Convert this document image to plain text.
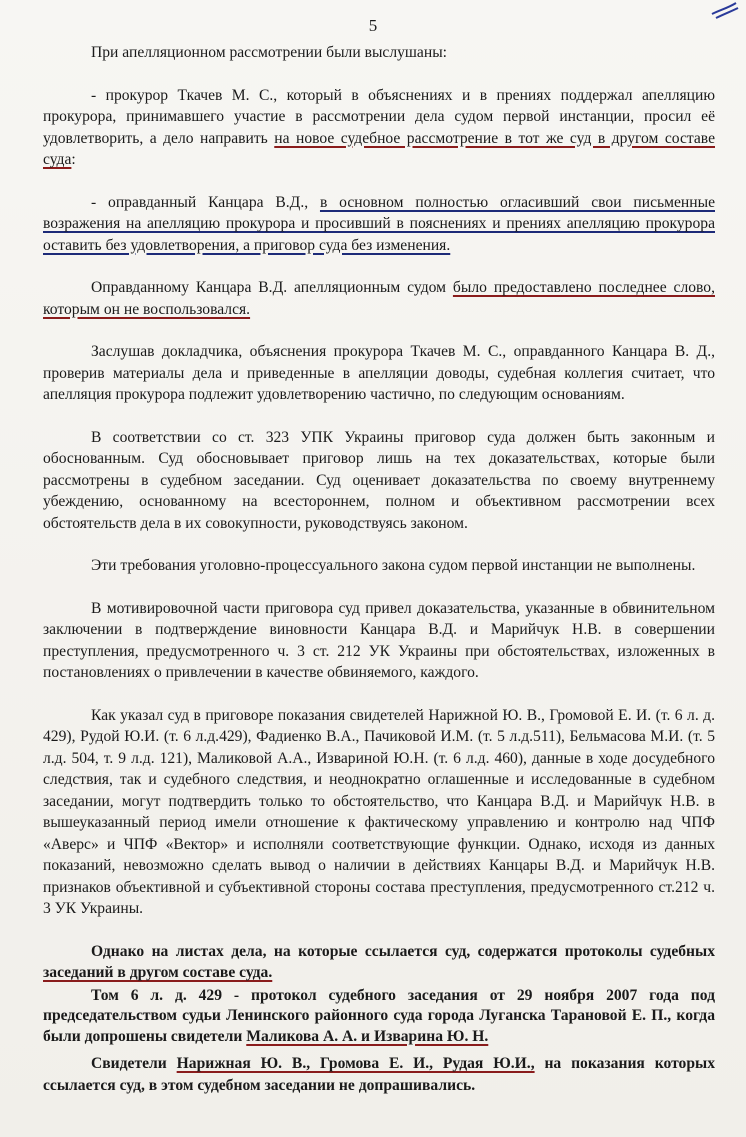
5

При апелляционном рассмотрении были выслушаны:

- прокурор Ткачев М. С., который в объяснениях и в прениях поддержал апелляцию прокурора, принимавшего участие в рассмотрении дела судом первой инстанции, просил её удовлетворить, а дело направить на новое судебное рассмотрение в тот же суд в другом составе суда:

- оправданный Канцара В.Д., в основном полностью огласивший свои письменные возражения на апелляцию прокурора и просивший в пояснениях и прениях апелляцию прокурора оставить без удовлетворения, а приговор суда без изменения.

Оправданному Канцара В.Д. апелляционным судом было предоставлено последнее слово, которым он не воспользовался.

Заслушав докладчика, объяснения прокурора Ткачев М. С., оправданного Канцара В. Д., проверив материалы дела и приведенные в апелляции доводы, судебная коллегия считает, что апелляция прокурора подлежит удовлетворению частично, по следующим основаниям.

В соответствии со ст. 323 УПК Украины приговор суда должен быть законным и обоснованным. Суд обосновывает приговор лишь на тех доказательствах, которые были рассмотрены в судебном заседании. Суд оценивает доказательства по своему внутреннему убеждению, основанному на всестороннем, полном и объективном рассмотрении всех обстоятельств дела в их совокупности, руководствуясь законом.

Эти требования уголовно-процессуального закона судом первой инстанции не выполнены.

В мотивировочной части приговора суд привел доказательства, указанные в обвинительном заключении в подтверждение виновности Канцара В.Д. и Марийчук Н.В. в совершении преступления, предусмотренного ч. 3 ст. 212 УК Украины при обстоятельствах, изложенных в постановлениях о привлечении в качестве обвиняемого, каждого.

Как указал суд в приговоре показания свидетелей Нарижной Ю. В., Громовой Е. И. (т. 6 л. д. 429), Рудой Ю.И. (т. 6 л.д.429), Фадиенко В.А., Пачиковой И.М. (т. 5 л.д.511), Бельмасова М.И. (т. 5 л.д. 504, т. 9 л.д. 121), Маликовой А.А., Извариной Ю.Н. (т. 6 л.д. 460), данные в ходе досудебного следствия, так и судебного следствия, и неоднократно оглашенные и исследованные в судебном заседании, могут подтвердить только то обстоятельство, что Канцара В.Д. и Марийчук Н.В. в вышеуказанный период имели отношение к фактическому управлению и контролю над ЧПФ «Аверс» и ЧПФ «Вектор» и исполняли соответствующие функции. Однако, исходя из данных показаний, невозможно сделать вывод о наличии в действиях Канцары В.Д. и Марийчук Н.В. признаков объективной и субъективной стороны состава преступления, предусмотренного ст.212 ч. 3 УК Украины.

Однако на листах дела, на которые ссылается суд, содержатся протоколы судебных заседаний в другом составе суда.

Том 6 л. д. 429 - протокол судебного заседания от 29 ноября 2007 года под председательством судьи Ленинского районного суда города Луганска Тарановой Е. П., когда были допрошены свидетели Маликова А. А. и Изварина Ю. Н.

Свидетели Нарижная Ю. В., Громова Е. И., Рудая Ю.И., на показания которых ссылается суд, в этом судебном заседании не допрашивались.
